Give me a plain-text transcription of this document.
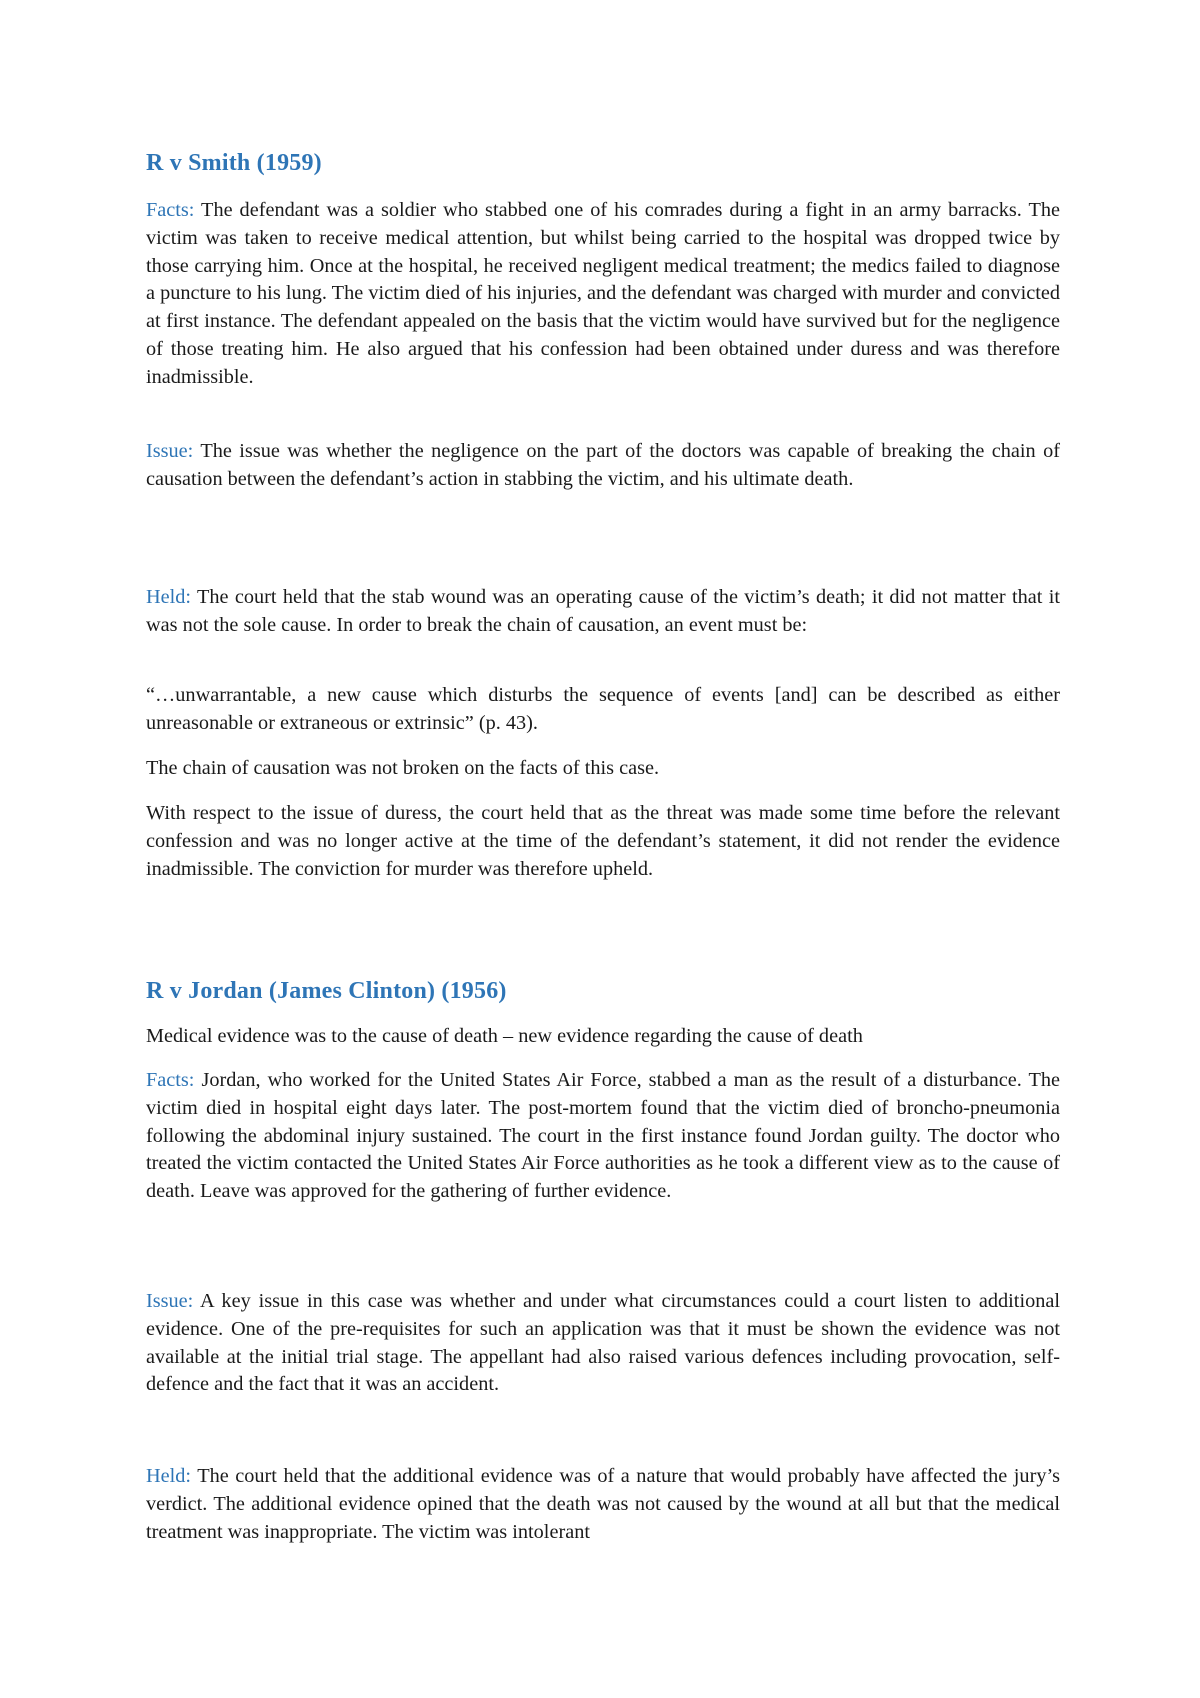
R v Smith (1959)

Facts: The defendant was a soldier who stabbed one of his comrades during a fight in an army barracks. The victim was taken to receive medical attention, but whilst being carried to the hospital was dropped twice by those carrying him. Once at the hospital, he received negligent medical treatment; the medics failed to diagnose a puncture to his lung. The victim died of his injuries, and the defendant was charged with murder and convicted at first instance. The defendant appealed on the basis that the victim would have survived but for the negligence of those treating him. He also argued that his confession had been obtained under duress and was therefore inadmissible.

Issue: The issue was whether the negligence on the part of the doctors was capable of breaking the chain of causation between the defendant’s action in stabbing the victim, and his ultimate death.

Held: The court held that the stab wound was an operating cause of the victim’s death; it did not matter that it was not the sole cause. In order to break the chain of causation, an event must be:

“…unwarrantable, a new cause which disturbs the sequence of events [and] can be described as either unreasonable or extraneous or extrinsic” (p. 43).

The chain of causation was not broken on the facts of this case.

With respect to the issue of duress, the court held that as the threat was made some time before the relevant confession and was no longer active at the time of the defendant’s statement, it did not render the evidence inadmissible. The conviction for murder was therefore upheld.

R v Jordan (James Clinton) (1956)

Medical evidence was to the cause of death – new evidence regarding the cause of death

Facts: Jordan, who worked for the United States Air Force, stabbed a man as the result of a disturbance. The victim died in hospital eight days later. The post-mortem found that the victim died of broncho-pneumonia following the abdominal injury sustained. The court in the first instance found Jordan guilty. The doctor who treated the victim contacted the United States Air Force authorities as he took a different view as to the cause of death. Leave was approved for the gathering of further evidence.

Issue: A key issue in this case was whether and under what circumstances could a court listen to additional evidence. One of the pre-requisites for such an application was that it must be shown the evidence was not available at the initial trial stage. The appellant had also raised various defences including provocation, self-defence and the fact that it was an accident.

Held: The court held that the additional evidence was of a nature that would probably have affected the jury’s verdict. The additional evidence opined that the death was not caused by the wound at all but that the medical treatment was inappropriate. The victim was intolerant
